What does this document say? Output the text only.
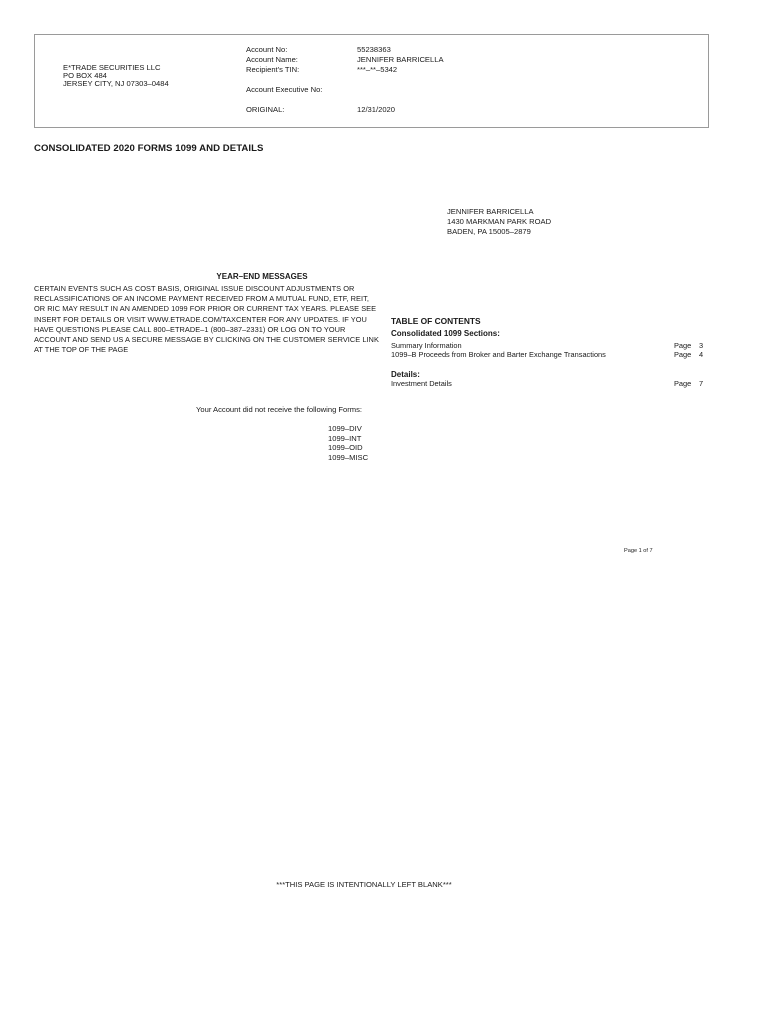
E*TRADE SECURITIES LLC
PO BOX 484
JERSEY CITY, NJ 07303–0484
Account No:	55238363
Account Name:	JENNIFER BARRICELLA
Recipient's TIN:	***–**–5342
Account Executive No:
ORIGINAL:	12/31/2020
CONSOLIDATED 2020 FORMS 1099 AND DETAILS
JENNIFER BARRICELLA
1430 MARKMAN PARK ROAD
BADEN, PA 15005–2879
YEAR–END MESSAGES
CERTAIN EVENTS SUCH AS COST BASIS, ORIGINAL ISSUE DISCOUNT ADJUSTMENTS OR RECLASSIFICATIONS OF AN INCOME PAYMENT RECEIVED FROM A MUTUAL FUND, ETF, REIT, OR RIC MAY RESULT IN AN AMENDED 1099 FOR PRIOR OR CURRENT TAX YEARS. PLEASE SEE INSERT FOR DETAILS OR VISIT WWW.ETRADE.COM/TAXCENTER FOR ANY UPDATES. IF YOU HAVE QUESTIONS PLEASE CALL 800–ETRADE–1 (800–387–2331) OR LOG ON TO YOUR ACCOUNT AND SEND US A SECURE MESSAGE BY CLICKING ON THE CUSTOMER SERVICE LINK AT THE TOP OF THE PAGE
TABLE OF CONTENTS
Consolidated 1099 Sections:
Summary Information	Page 3
1099–B Proceeds from Broker and Barter Exchange Transactions	Page 4
Details:
Investment Details	Page 7
Your Account did not receive the following Forms:
1099–DIV
1099–INT
1099–OID
1099–MISC
Page 1 of 7
***THIS PAGE IS INTENTIONALLY LEFT BLANK***
